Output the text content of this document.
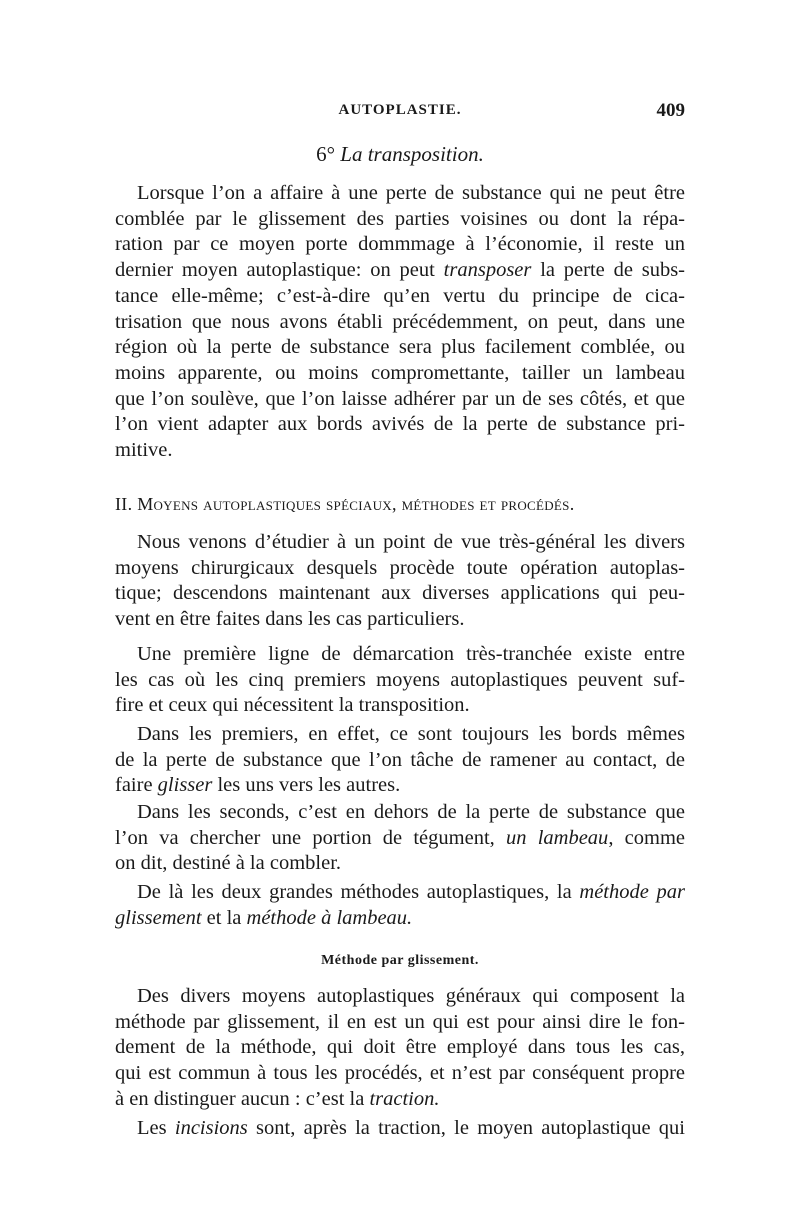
AUTOPLASTIE.	409
6° La transposition.
Lorsque l’on a affaire à une perte de substance qui ne peut être
comblée par le glissement des parties voisines ou dont la répa-
ration par ce moyen porte dommmage à l’économie, il reste un
dernier moyen autoplastique: on peut transposer la perte de subs-
tance elle-même; c’est-à-dire qu’en vertu du principe de cica-
trisation que nous avons établi précédemment, on peut, dans une
région où la perte de substance sera plus facilement comblée, ou
moins apparente, ou moins compromettante, tailler un lambeau
que l’on soulève, que l’on laisse adhérer par un de ses côtés, et que
l’on vient adapter aux bords avivés de la perte de substance pri-
mitive.
II. Moyens autoplastiques spéciaux, méthodes et procédés.
Nous venons d’étudier à un point de vue très-général les divers
moyens chirurgicaux desquels procède toute opération autoplas-
tique; descendons maintenant aux diverses applications qui peu-
vent en être faites dans les cas particuliers.
Une première ligne de démarcation très-tranchée existe entre
les cas où les cinq premiers moyens autoplastiques peuvent suf-
fire et ceux qui nécessitent la transposition.
Dans les premiers, en effet, ce sont toujours les bords mêmes
de la perte de substance que l’on tâche de ramener au contact, de
faire glisser les uns vers les autres.
Dans les seconds, c’est en dehors de la perte de substance que
l’on va chercher une portion de tégument, un lambeau, comme
on dit, destiné à la combler.
De là les deux grandes méthodes autoplastiques, la méthode par
glissement et la méthode à lambeau.
Méthode par glissement.
Des divers moyens autoplastiques généraux qui composent la
méthode par glissement, il en est un qui est pour ainsi dire le fon-
dement de la méthode, qui doit être employé dans tous les cas,
qui est commun à tous les procédés, et n’est par conséquent propre
à en distinguer aucun : c’est la traction.
Les incisions sont, après la traction, le moyen autoplastique qui
